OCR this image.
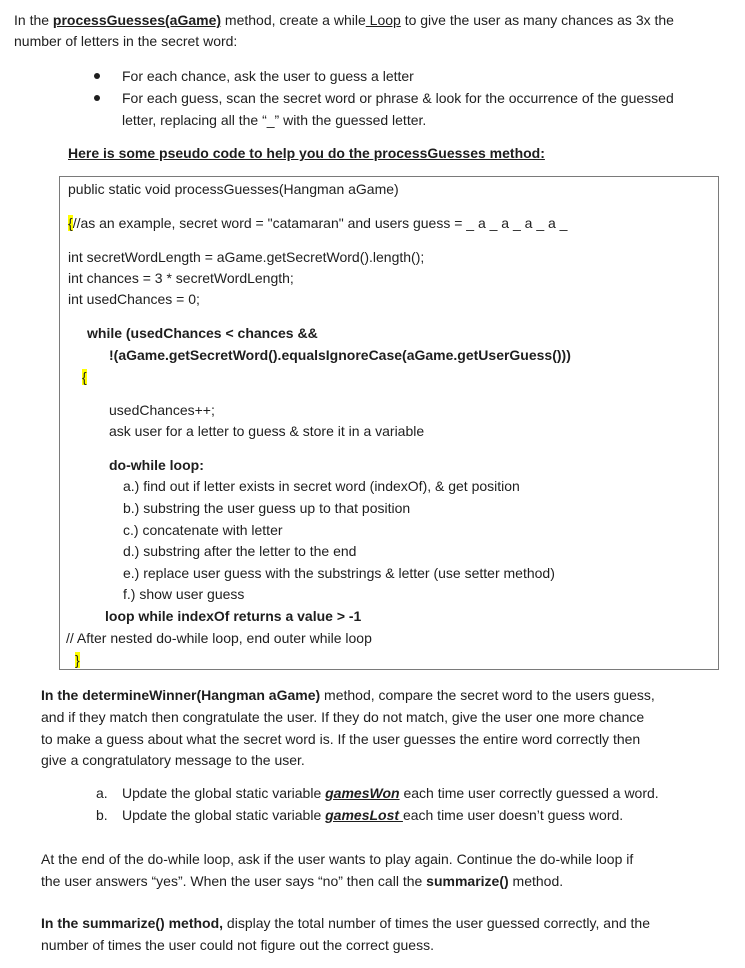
In the processGuesses(aGame) method, create a while Loop to give the user as many chances as 3x the
number of letters in the secret word:
For each chance, ask the user to guess a letter
For each guess, scan the secret word or phrase & look for the occurrence of the guessed
letter, replacing all the “_” with the guessed letter.
Here is some pseudo code to help you do the processGuesses method:
public static void processGuesses(Hangman aGame)
{//as an example, secret word = "catamaran" and users guess = _ a _ a _ a _ a _
int secretWordLength = aGame.getSecretWord().length();
int chances = 3 * secretWordLength;
int usedChances = 0;
while (usedChances < chances &&
!(aGame.getSecretWord().equalsIgnoreCase(aGame.getUserGuess()))
{
usedChances++;
ask user for a letter to guess & store it in a variable
do-while loop:
a.) find out if letter exists in secret word (indexOf), & get position
b.) substring the user guess up to that position
c.) concatenate with letter
d.) substring after the letter to the end
e.) replace user guess with the substrings & letter (use setter method)
f.) show user guess
loop while indexOf returns a value > -1
// After nested do-while loop, end outer while loop
}
In the determineWinner(Hangman aGame) method, compare the secret word to the users guess,
and if they match then congratulate the user. If they do not match, give the user one more chance
to make a guess about what the secret word is. If the user guesses the entire word correctly then
give a congratulatory message to the user.
a. Update the global static variable gamesWon each time user correctly guessed a word.
b. Update the global static variable gamesLost each time user doesn’t guess word.
At the end of the do-while loop, ask if the user wants to play again. Continue the do-while loop if
the user answers “yes”. When the user says “no” then call the summarize() method.
In the summarize() method, display the total number of times the user guessed correctly, and the
number of times the user could not figure out the correct guess.
